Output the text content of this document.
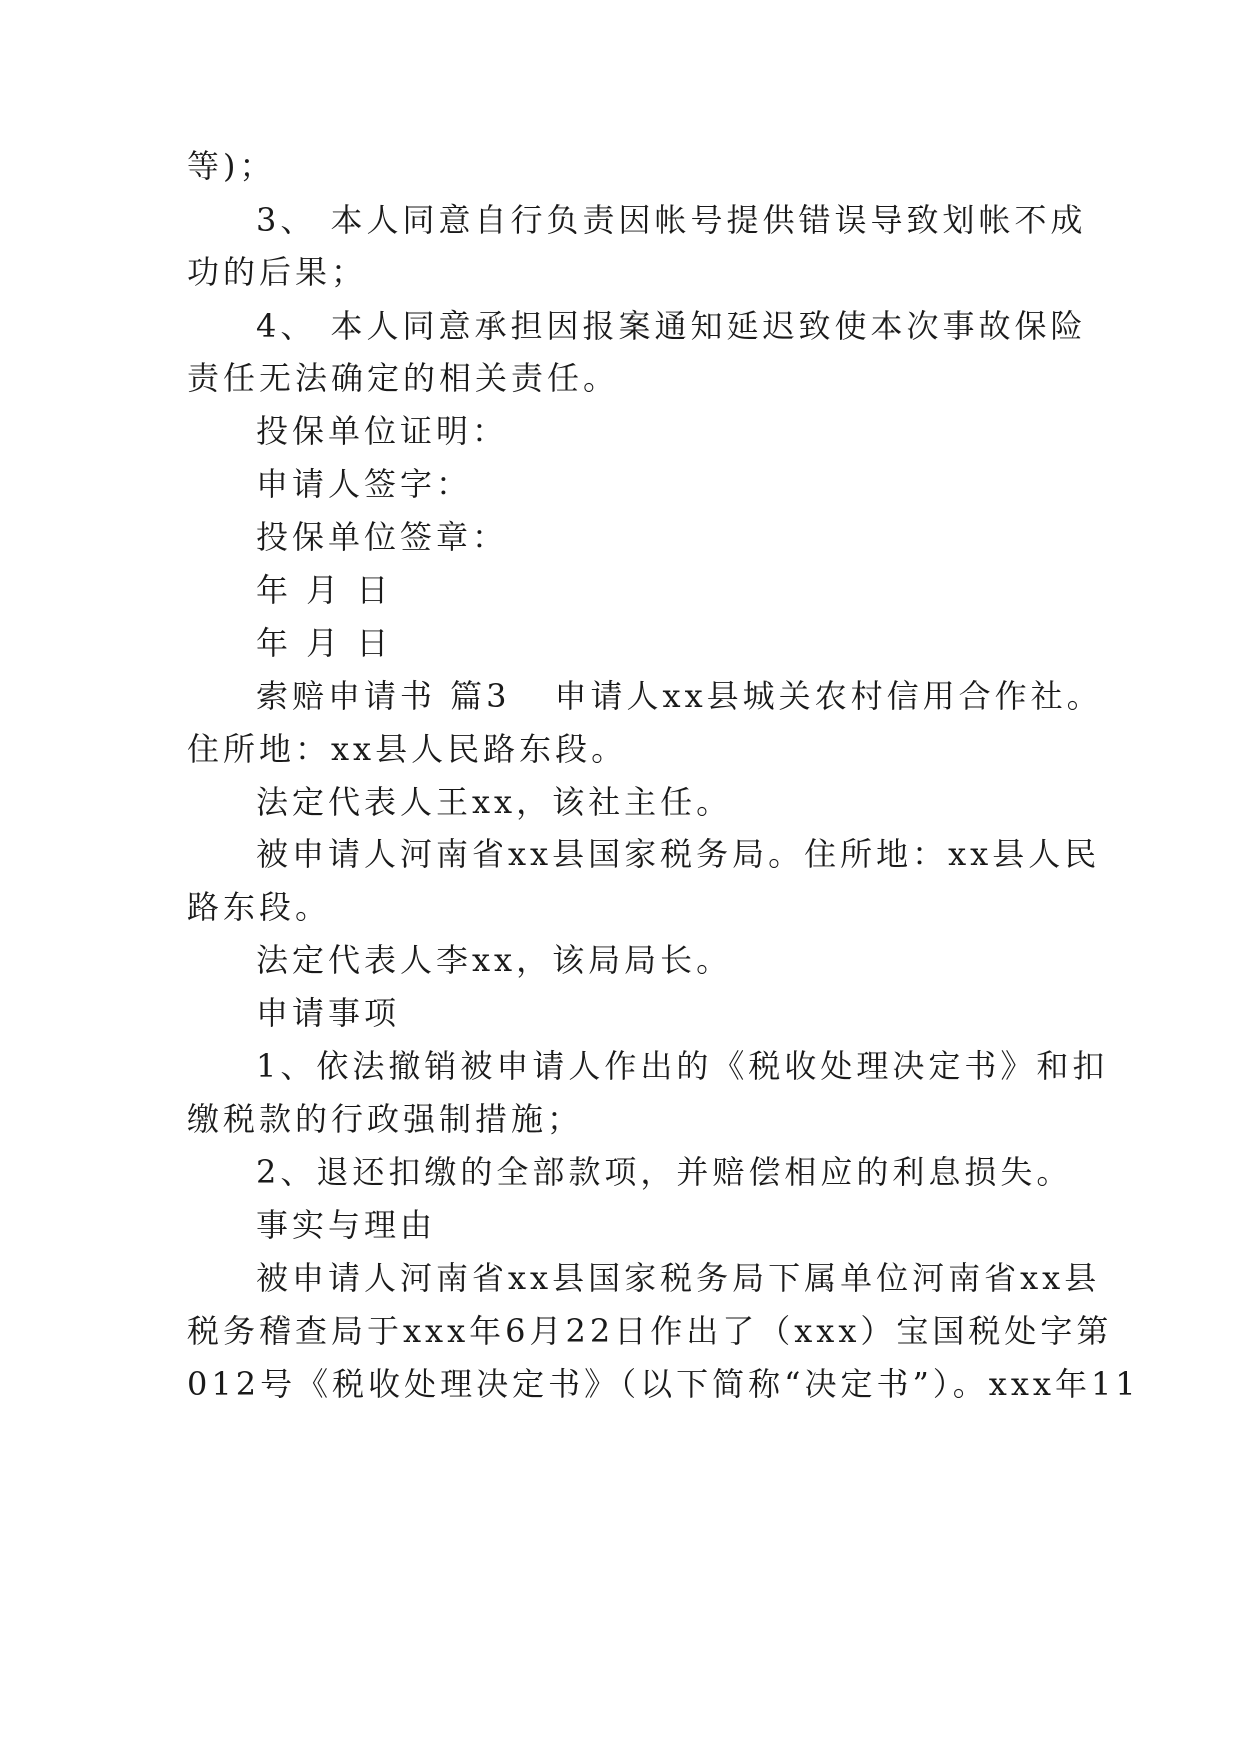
等)；
3、 本人同意自行负责因帐号提供错误导致划帐不成
功的后果；
4、 本人同意承担因报案通知延迟致使本次事故保险
责任无法确定的相关责任。
投保单位证明：
申请人签字：
投保单位签章：
年 月 日
年 月 日
索赔申请书 篇3 申请人xx县城关农村信用合作社。
住所地：xx县人民路东段。
法定代表人王xx，该社主任。
被申请人河南省xx县国家税务局。住所地：xx县人民
路东段。
法定代表人李xx，该局局长。
申请事项
1、依法撤销被申请人作出的《税收处理决定书》和扣
缴税款的行政强制措施；
2、退还扣缴的全部款项，并赔偿相应的利息损失。
事实与理由
被申请人河南省xx县国家税务局下属单位河南省xx县
税务稽查局于xxx年6月22日作出了（xxx）宝国税处字第
012号《税收处理决定书》（以下简称“决定书”）。xxx年11
